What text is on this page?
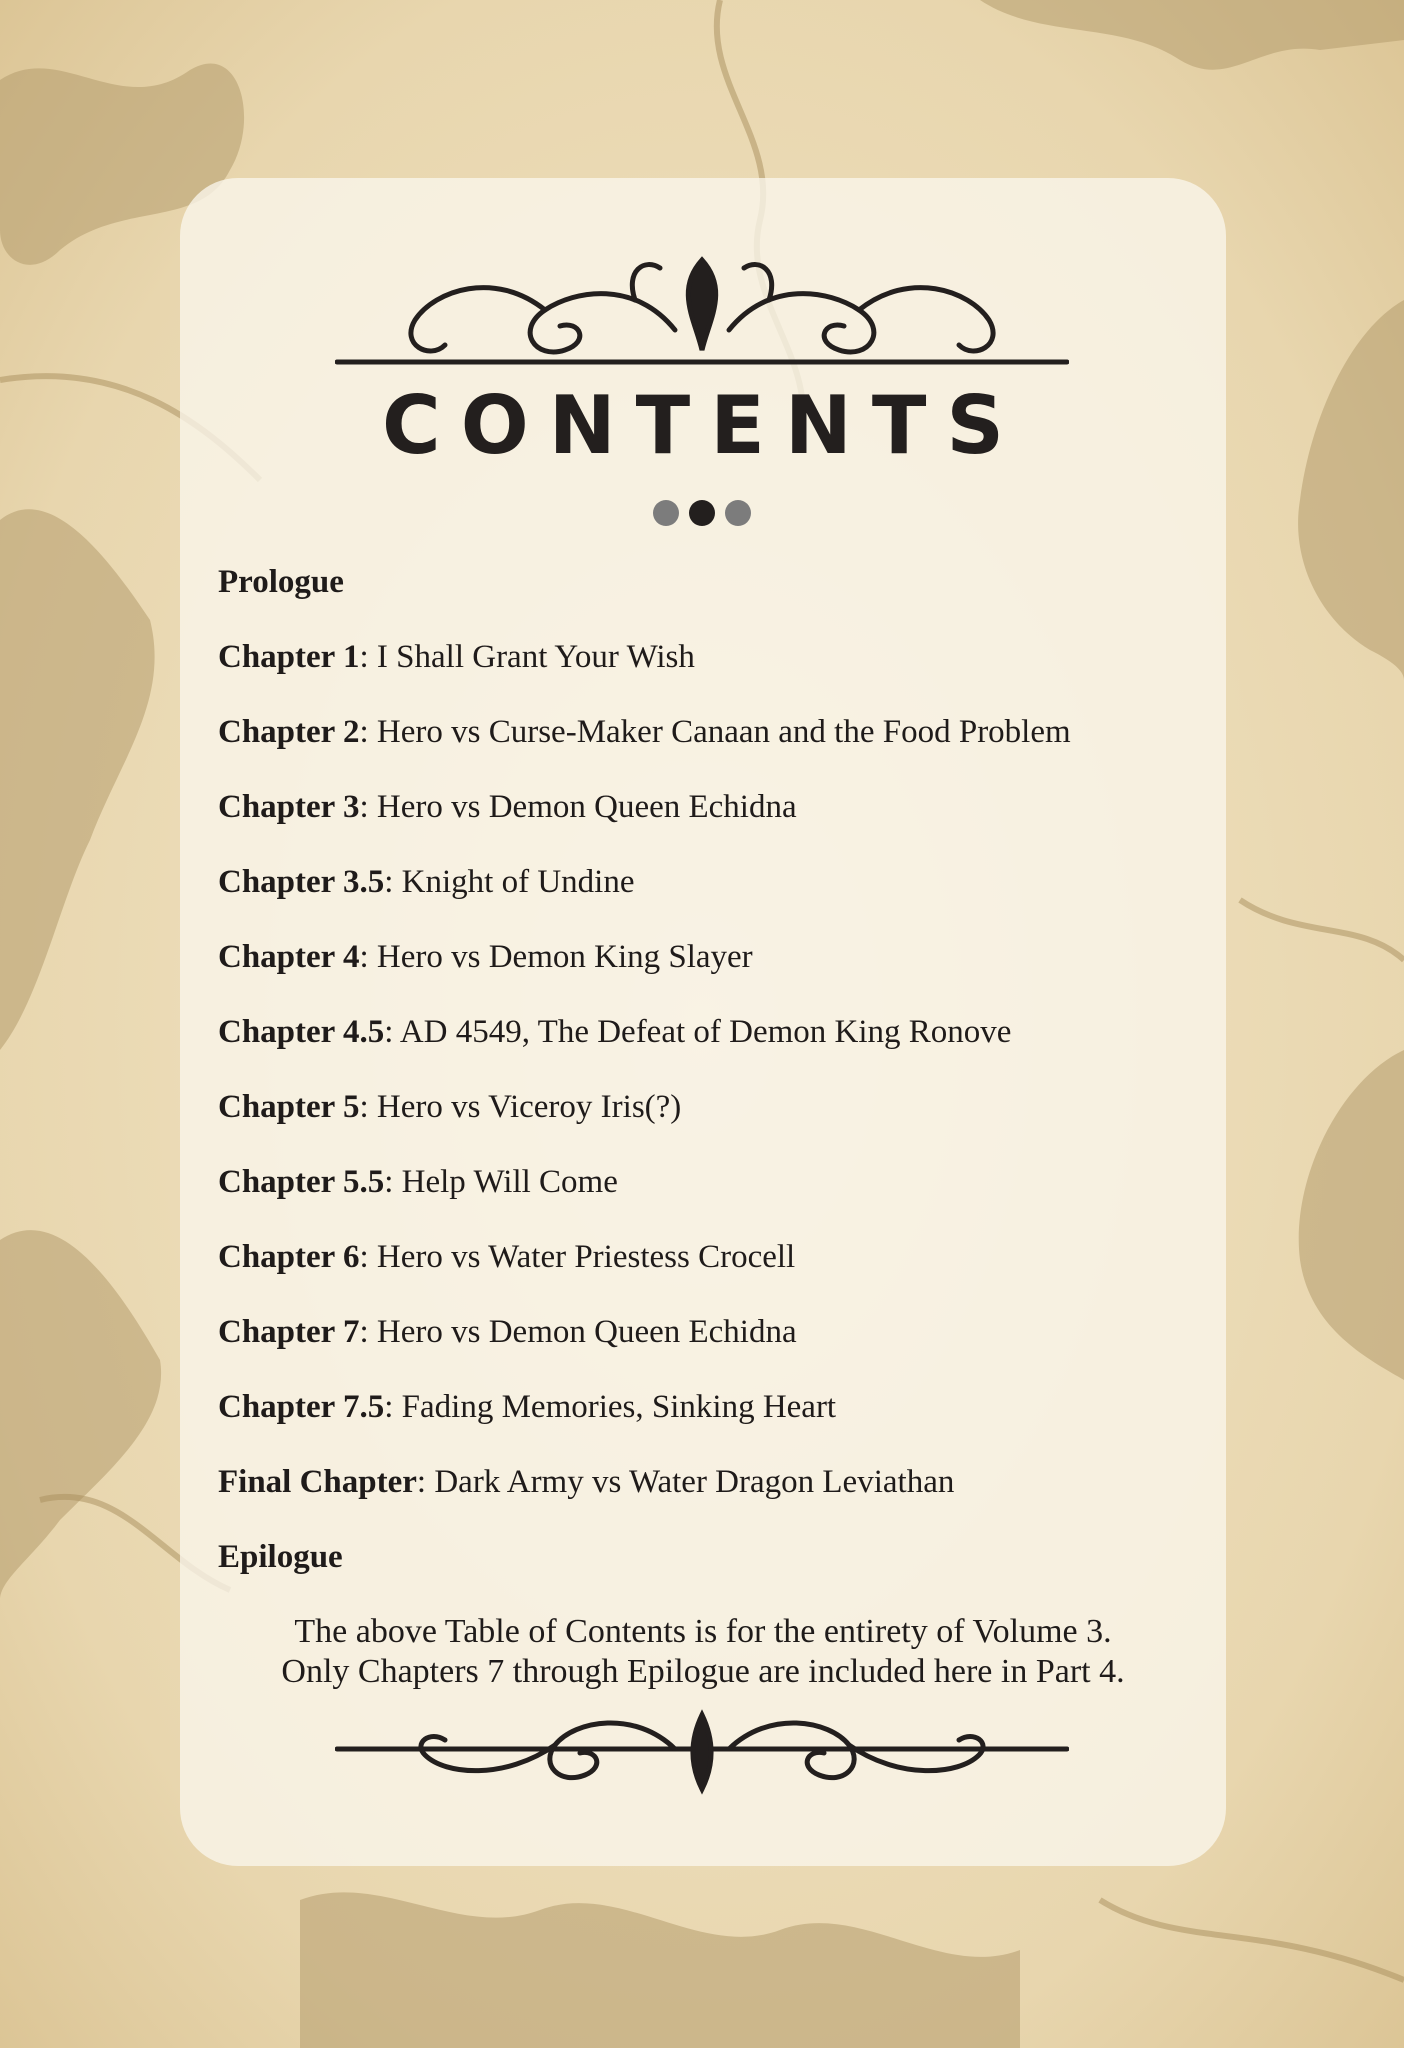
CONTENTS
Prologue
Chapter 1: I Shall Grant Your Wish
Chapter 2: Hero vs Curse-Maker Canaan and the Food Problem
Chapter 3: Hero vs Demon Queen Echidna
Chapter 3.5: Knight of Undine
Chapter 4: Hero vs Demon King Slayer
Chapter 4.5: AD 4549, The Defeat of Demon King Ronove
Chapter 5: Hero vs Viceroy Iris(?)
Chapter 5.5: Help Will Come
Chapter 6: Hero vs Water Priestess Crocell
Chapter 7: Hero vs Demon Queen Echidna
Chapter 7.5: Fading Memories, Sinking Heart
Final Chapter: Dark Army vs Water Dragon Leviathan
Epilogue

The above Table of Contents is for the entirety of Volume 3.

Only Chapters 7 through Epilogue are included here in Part 4.
